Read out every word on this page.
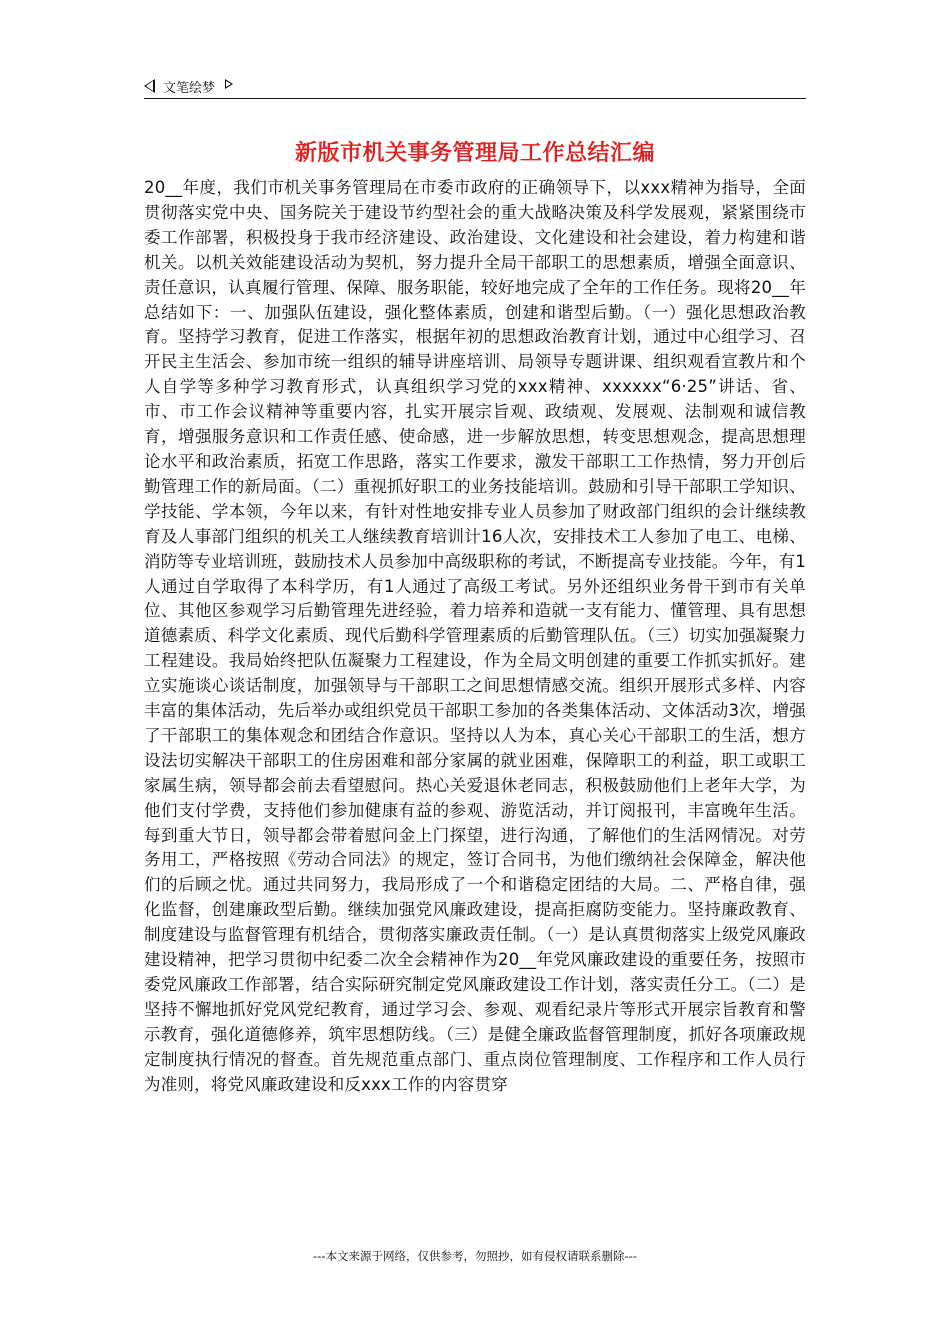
文笔绘梦
新版市机关事务管理局工作总结汇编
20__年度，我们市机关事务管理局在市委市政府的正确领导下，以xxx精神为指导，全面贯彻落实党中央、国务院关于建设节约型社会的重大战略决策及科学发展观，紧紧围绕市委工作部署，积极投身于我市经济建设、政治建设、文化建设和社会建设，着力构建和谐机关。以机关效能建设活动为契机，努力提升全局干部职工的思想素质，增强全面意识、责任意识，认真履行管理、保障、服务职能，较好地完成了全年的工作任务。现将20__年总结如下：一、加强队伍建设，强化整体素质，创建和谐型后勤。（一）强化思想政治教育。坚持学习教育，促进工作落实，根据年初的思想政治教育计划，通过中心组学习、召开民主生活会、参加市统一组织的辅导讲座培训、局领导专题讲课、组织观看宣教片和个人自学等多种学习教育形式，认真组织学习党的xxx精神、xxxxxx“6·25”讲话、省、市、市工作会议精神等重要内容，扎实开展宗旨观、政绩观、发展观、法制观和诚信教育，增强服务意识和工作责任感、使命感，进一步解放思想，转变思想观念，提高思想理论水平和政治素质，拓宽工作思路，落实工作要求，激发干部职工工作热情，努力开创后勤管理工作的新局面。（二）重视抓好职工的业务技能培训。鼓励和引导干部职工学知识、学技能、学本领，今年以来，有针对性地安排专业人员参加了财政部门组织的会计继续教育及人事部门组织的机关工人继续教育培训计16人次，安排技术工人参加了电工、电梯、消防等专业培训班，鼓励技术人员参加中高级职称的考试，不断提高专业技能。今年，有1人通过自学取得了本科学历，有1人通过了高级工考试。另外还组织业务骨干到市有关单位、其他区参观学习后勤管理先进经验，着力培养和造就一支有能力、懂管理、具有思想道德素质、科学文化素质、现代后勤科学管理素质的后勤管理队伍。（三）切实加强凝聚力工程建设。我局始终把队伍凝聚力工程建设，作为全局文明创建的重要工作抓实抓好。建立实施谈心谈话制度，加强领导与干部职工之间思想情感交流。组织开展形式多样、内容丰富的集体活动，先后举办或组织党员干部职工参加的各类集体活动、文体活动3次，增强了干部职工的集体观念和团结合作意识。坚持以人为本，真心关心干部职工的生活，想方设法切实解决干部职工的住房困难和部分家属的就业困难，保障职工的利益，职工或职工家属生病，领导都会前去看望慰问。热心关爱退休老同志，积极鼓励他们上老年大学，为他们支付学费，支持他们参加健康有益的参观、游览活动，并订阅报刊，丰富晚年生活。每到重大节日，领导都会带着慰问金上门探望，进行沟通，了解他们的生活网情况。对劳务用工，严格按照《劳动合同法》的规定，签订合同书，为他们缴纳社会保障金，解决他们的后顾之忧。通过共同努力，我局形成了一个和谐稳定团结的大局。二、严格自律，强化监督，创建廉政型后勤。继续加强党风廉政建设，提高拒腐防变能力。坚持廉政教育、制度建设与监督管理有机结合，贯彻落实廉政责任制。（一）是认真贯彻落实上级党风廉政建设精神，把学习贯彻中纪委二次全会精神作为20__年党风廉政建设的重要任务，按照市委党风廉政工作部署，结合实际研究制定党风廉政建设工作计划，落实责任分工。（二）是坚持不懈地抓好党风党纪教育，通过学习会、参观、观看纪录片等形式开展宗旨教育和警示教育，强化道德修养，筑牢思想防线。（三）是健全廉政监督管理制度，抓好各项廉政规定制度执行情况的督查。首先规范重点部门、重点岗位管理制度、工作程序和工作人员行为准则，将党风廉政建设和反xxx工作的内容贯穿
---本文来源于网络，仅供参考，勿照抄，如有侵权请联系删除---
